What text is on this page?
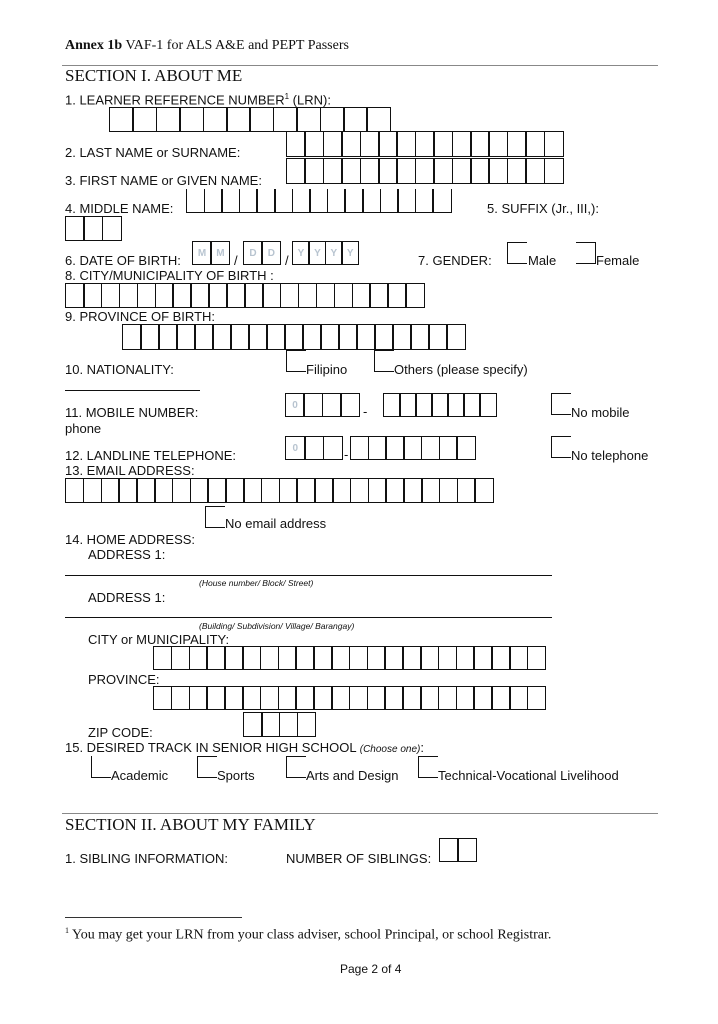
Annex 1b VAF-1 for ALS A&E and PEPT Passers
SECTION I. ABOUT ME
1. LEARNER REFERENCE NUMBER$^1$ (LRN):
2. LAST NAME or SURNAME:
3. FIRST NAME or GIVEN NAME:
4. MIDDLE NAME:	5. SUFFIX (Jr., III,):
6. DATE OF BIRTH:	M	M /	D	D / Y Y Y Y	7. GENDER:	Male	Female
8. CITY/MUNICIPALITY OF BIRTH :
9. PROVINCE OF BIRTH:
10. NATIONALITY:	Filipino	Others (please specify)
11. MOBILE NUMBER:
phone
0	-	No mobile
12. LANDLINE TELEPHONE:	0	-	No telephone
13. EMAIL ADDRESS:
No email address
14. HOME ADDRESS:
ADDRESS 1:
(House number/ Block/ Street)
ADDRESS 1:
(Building/ Subdivision/ Village/ Barangay)
CITY or MUNICIPALITY:
PROVINCE:
ZIP CODE:
15. DESIRED TRACK IN SENIOR HIGH SCHOOL (Choose one):
Academic	Sports	Arts and Design	Technical-Vocational Livelihood
SECTION II. ABOUT MY FAMILY
1. SIBLING INFORMATION:	NUMBER OF SIBLINGS:
$^1$ You may get your LRN from your class adviser, school Principal, or school Registrar.
Page 2 of 4
